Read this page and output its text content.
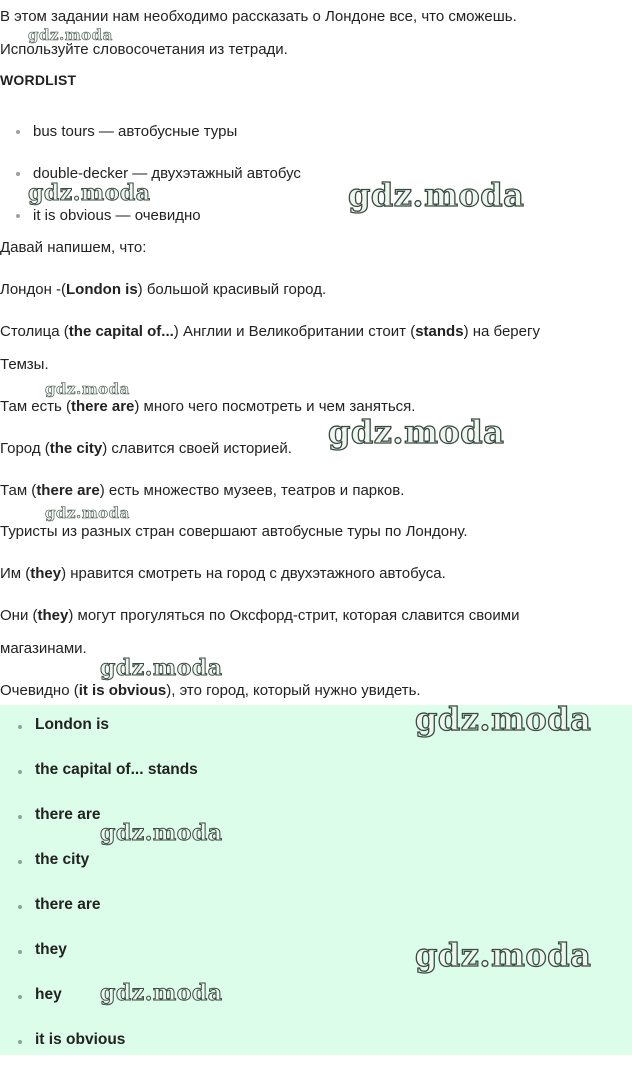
В этом задании нам необходимо рассказать о Лондоне все, что сможешь.

Используйте словосочетания из тетради.

WORDLIST
bus tours — автобусные туры
double-decker — двухэтажный автобус
it is obvious — очевидно

Давай напишем, что:

Лондон -(London is) большой красивый город.

Столица (the capital of...) Англии и Великобритании стоит (stands) на берегу

Темзы.

Там есть (there are) много чего посмотреть и чем заняться.

Город (the city) славится своей историей.

Там (there are) есть множество музеев, театров и парков.

Туристы из разных стран совершают автобусные туры по Лондону.

Им (they) нравится смотреть на город с двухэтажного автобуса.

Они (they) могут прогуляться по Оксфорд-стрит, которая славится своими

магазинами.

Очевидно (it is obvious), это город, который нужно увидеть.

London is
the capital of... stands
there are
the city
there are
they
hey
it is obvious
gdz.moda
gdz.moda	gdz.moda
gdz.moda
gdz.moda
gdz.moda
gdz.moda
gdz.moda
gdz.moda
gdz.moda
gdz.moda
